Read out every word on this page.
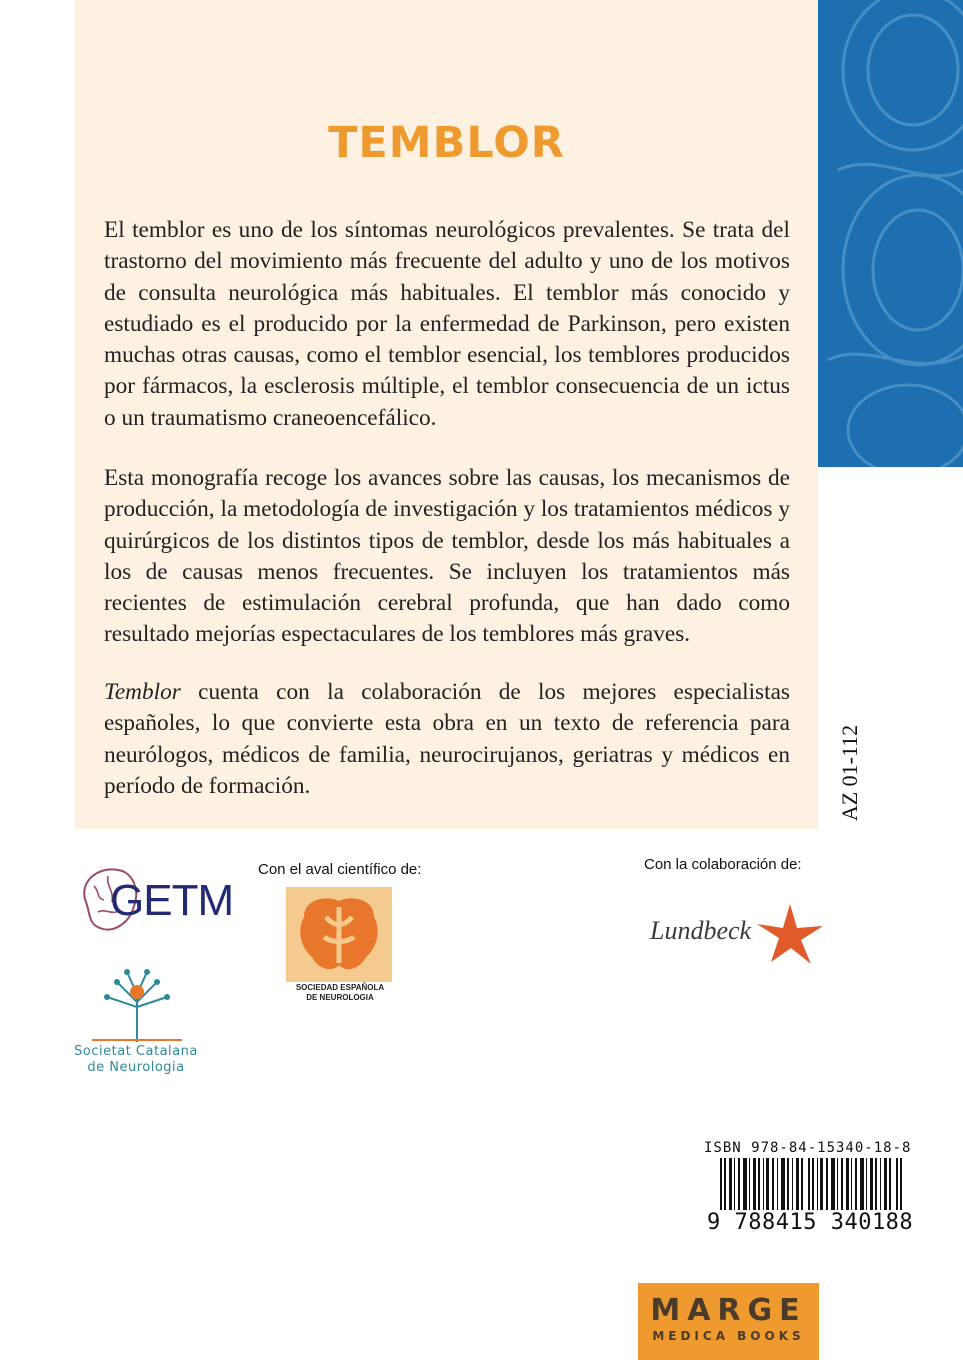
TEMBLOR

El temblor es uno de los síntomas neurológicos prevalentes. Se trata del trastorno del movimiento más frecuente del adulto y uno de los motivos de consulta neurológica más habituales. El temblor más conocido y estudiado es el producido por la enfermedad de Parkinson, pero existen muchas otras causas, como el temblor esencial, los temblores producidos por fármacos, la esclerosis múltiple, el temblor consecuencia de un ictus o un traumatismo craneoencefálico.

Esta monografía recoge los avances sobre las causas, los mecanismos de producción, la metodología de investigación y los tratamientos médicos y quirúrgicos de los distintos tipos de temblor, desde los más habituales a los de causas menos frecuentes. Se incluyen los tratamientos más recientes de estimulación cerebral profunda, que han dado como resultado mejorías espectaculares de los temblores más graves.

Temblor cuenta con la colaboración de los mejores especialistas españoles, lo que convierte esta obra en un texto de referencia para neurólogos, médicos de familia, neurocirujanos, geriatras y médicos en período de formación.	AZ 01-112
Con el aval científico de:	Con la colaboración de:
GETM
SOCIEDAD ESPAÑOLA
DE NEUROLOGIA
Societat Catalana
de Neurologia
Lundbeck
ISBN 978-84-15340-18-8
9 788415 340188
MARGE
MEDICA BOOKS
